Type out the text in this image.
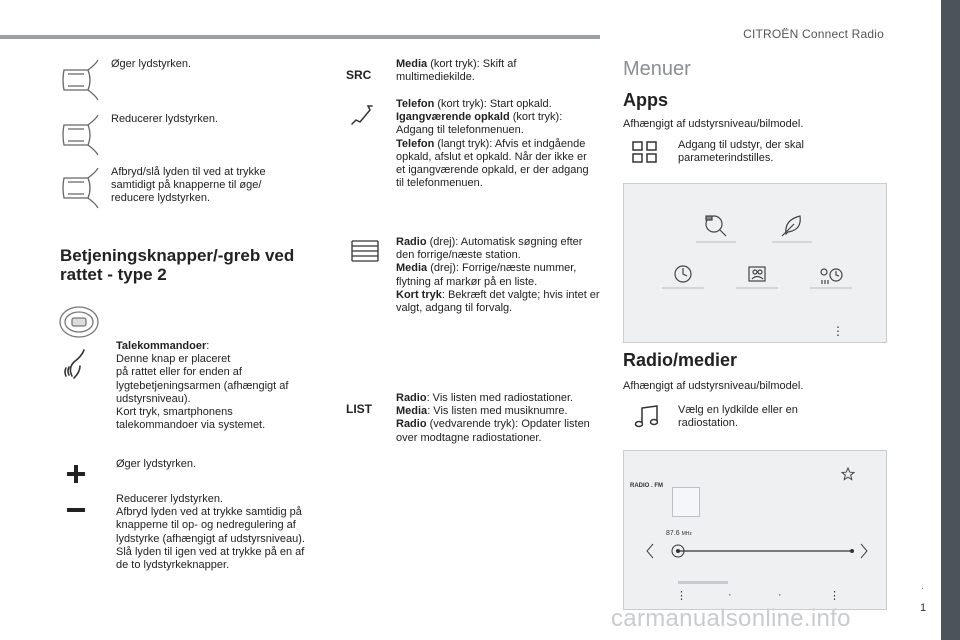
CITROËN Connect Radio
.
1
Øger lydstyrken.
Reducerer lydstyrken.
Afbryd/slå lyden til ved at trykke samtidigt på knapperne til øge/ reducere lydstyrken.
Betjeningsknapper/-greb ved rattet - type 2
Talekommandoer:
Denne knap er placeret
på rattet eller for enden af lygtebetjeningsarmen (afhængigt af udstyrsniveau).
Kort tryk, smartphonens talekommandoer via systemet.
Øger lydstyrken.
Reducerer lydstyrken.
Afbryd lyden ved at trykke samtidig på knapperne til op- og nedregulering af lydstyrke (afhængigt af udstyrsniveau).
Slå lyden til igen ved at trykke på en af de to lydstyrkeknapper.
SRC
Media (kort tryk): Skift af multimediekilde.
Telefon (kort tryk): Start opkald.
Igangværende opkald (kort tryk): Adgang til telefonmenuen.
Telefon (langt tryk): Afvis et indgående opkald, afslut et opkald. Når der ikke er et igangværende opkald, er der adgang til telefonmenuen.
Radio (drej): Automatisk søgning efter den forrige/næste station.
Media (drej): Forrige/næste nummer, flytning af markør på en liste.
Kort tryk: Bekræft det valgte; hvis intet er valgt, adgang til forvalg.
LIST
Radio: Vis listen med radiostationer.
Media: Vis listen med musiknumre.
Radio (vedvarende tryk): Opdater listen over modtagne radiostationer.
Menuer
Apps
Afhængigt af udstyrsniveau/bilmodel.
Adgang til udstyr, der skal parameterindstilles.
⋮
Radio/medier
Afhængigt af udstyrsniveau/bilmodel.
Vælg en lydkilde eller en radiostation.
RADIO . FM
87.6 MHz
⋮	·	·	⋮
carmanualsonline.info
